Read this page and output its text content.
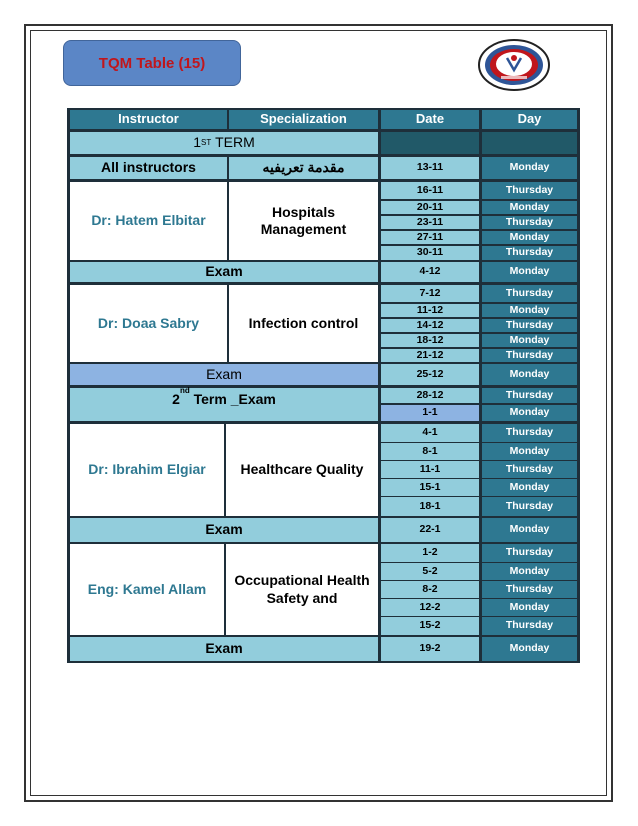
TQM Table (15)
Instructor	Specialization	Date	Day
1 ST
TERM
All instructors	مقدمة تعريفيه	13-11	Monday
Dr: Hatem Elbitar
Hospitals Management
16-11	Thursday
20-11	Monday
23-11	Thursday
27-11	Monday
30-11	Thursday
Exam	4-12	Monday
Dr: Doaa Sabry	Infection control
7-12	Thursday
11-12	Monday
14-12	Thursday
18-12	Monday
21-12	Thursday
Exam	25-12	Monday
2
nd

Term _Exam	28-12	Thursday
1-1	Monday
Dr: Ibrahim Elgiar	Healthcare Quality
4-1	Thursday
8-1	Monday
11-1	Thursday
15-1	Monday
18-1	Thursday
Exam	22-1	Monday
Eng: Kamel Allam
Occupational Health Safety and
1-2	Thursday
5-2	Monday
8-2	Thursday
12-2	Monday
15-2	Thursday
Exam	19-2	Monday
